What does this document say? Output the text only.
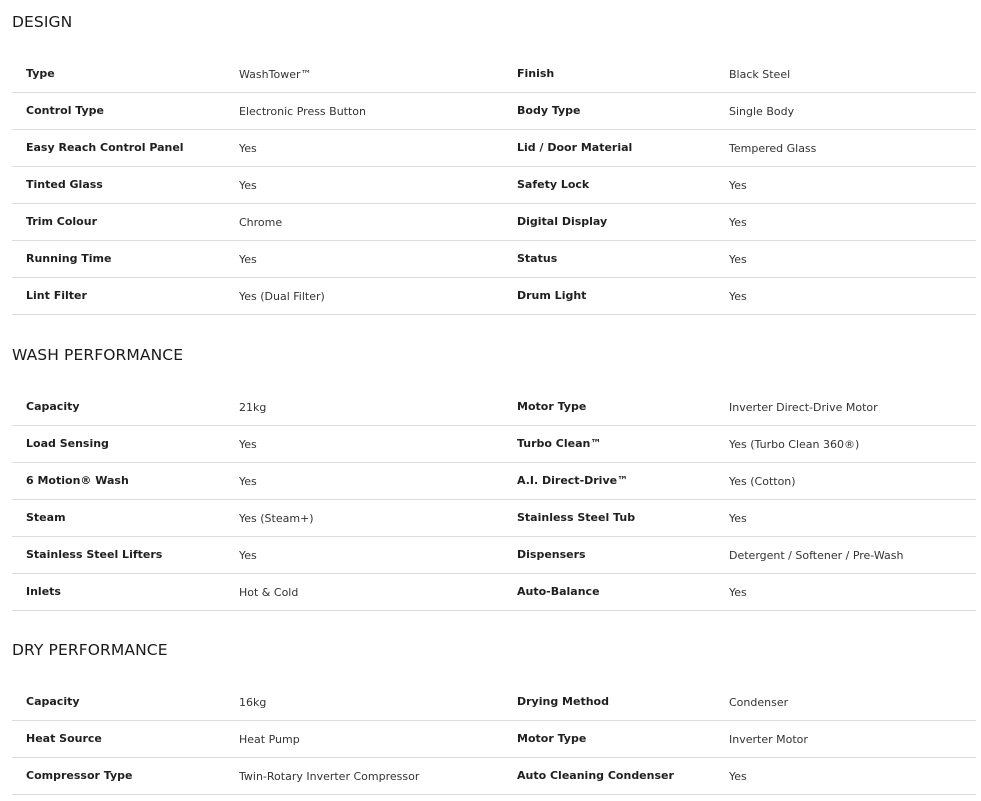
DESIGN
Type	WashTower™	Finish	Black Steel
Control Type	Electronic Press Button	Body Type	Single Body
Easy Reach Control Panel	Yes	Lid / Door Material	Tempered Glass
Tinted Glass	Yes	Safety Lock	Yes
Trim Colour	Chrome	Digital Display	Yes
Running Time	Yes	Status	Yes
Lint Filter	Yes (Dual Filter)	Drum Light	Yes
WASH PERFORMANCE
Capacity	21kg	Motor Type	Inverter Direct-Drive Motor
Load Sensing	Yes	Turbo Clean™	Yes (Turbo Clean 360®)
6 Motion® Wash	Yes	A.I. Direct-Drive™	Yes (Cotton)
Steam	Yes (Steam+)	Stainless Steel Tub	Yes
Stainless Steel Lifters	Yes	Dispensers	Detergent / Softener / Pre-Wash
Inlets	Hot & Cold	Auto-Balance	Yes
DRY PERFORMANCE
Capacity	16kg	Drying Method	Condenser
Heat Source	Heat Pump	Motor Type	Inverter Motor
Compressor Type	Twin-Rotary Inverter Compressor	Auto Cleaning Condenser	Yes
